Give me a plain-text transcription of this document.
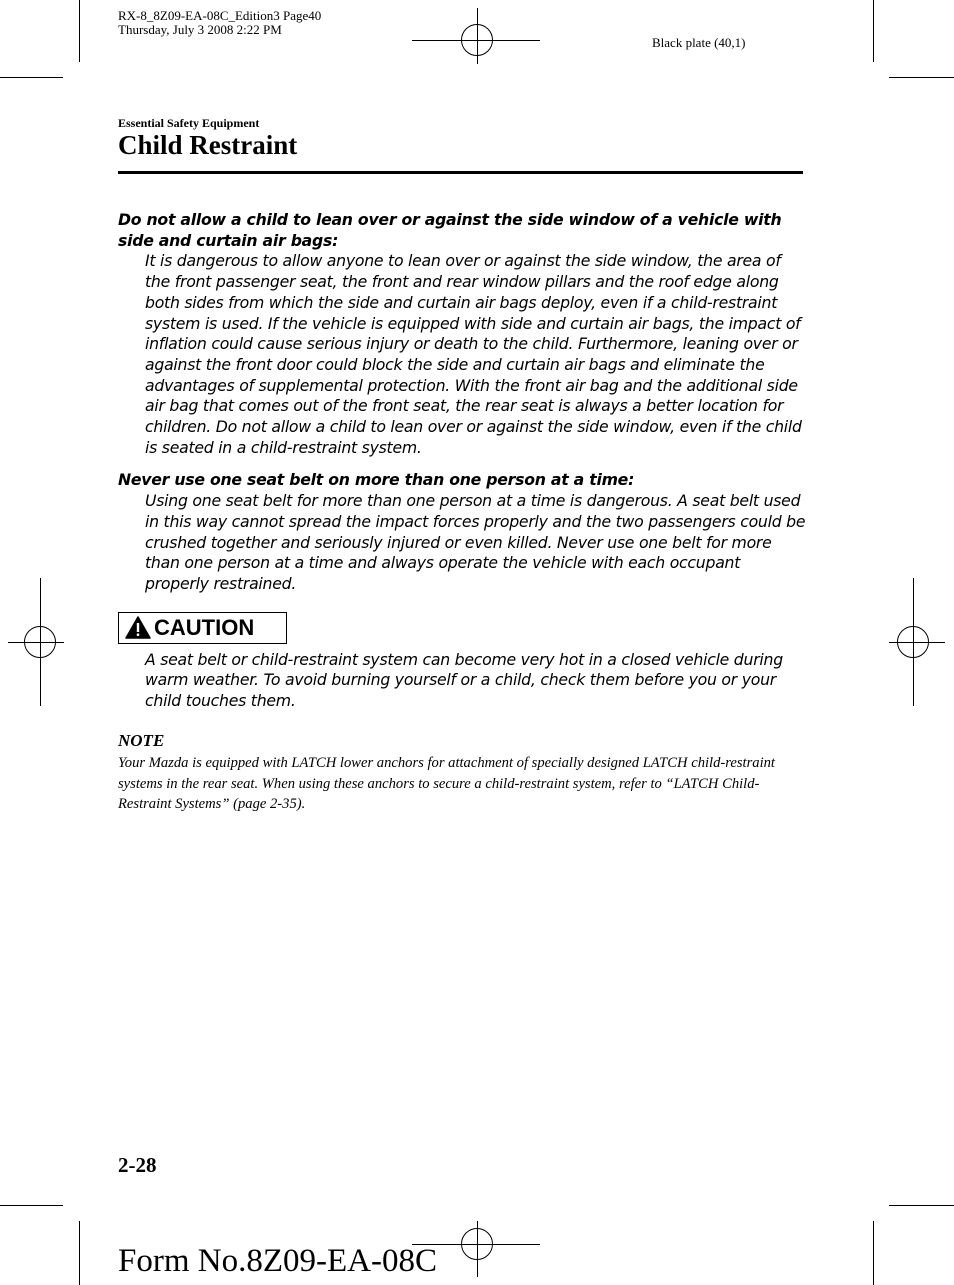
RX-8_8Z09-EA-08C_Edition3 Page40
Thursday, July 3 2008 2:22 PM
Black plate (40,1)
Essential Safety Equipment
Child Restraint

Do not allow a child to lean over or against the side window of a vehicle with side and curtain air bags:

It is dangerous to allow anyone to lean over or against the side window, the area of the front passenger seat, the front and rear window pillars and the roof edge along both sides from which the side and curtain air bags deploy, even if a child-restraint system is used. If the vehicle is equipped with side and curtain air bags, the impact of inflation could cause serious injury or death to the child. Furthermore, leaning over or against the front door could block the side and curtain air bags and eliminate the advantages of supplemental protection. With the front air bag and the additional side air bag that comes out of the front seat, the rear seat is always a better location for children. Do not allow a child to lean over or against the side window, even if the child is seated in a child-restraint system.

Never use one seat belt on more than one person at a time:

Using one seat belt for more than one person at a time is dangerous. A seat belt used in this way cannot spread the impact forces properly and the two passengers could be crushed together and seriously injured or even killed. Never use one belt for more than one person at a time and always operate the vehicle with each occupant properly restrained.

CAUTION

A seat belt or child-restraint system can become very hot in a closed vehicle during warm weather. To avoid burning yourself or a child, check them before you or your child touches them.

NOTE

Your Mazda is equipped with LATCH lower anchors for attachment of specially designed LATCH child-restraint systems in the rear seat. When using these anchors to secure a child-restraint system, refer to “LATCH Child-Restraint Systems” (page 2-35).

2-28
Form No.8Z09-EA-08C
